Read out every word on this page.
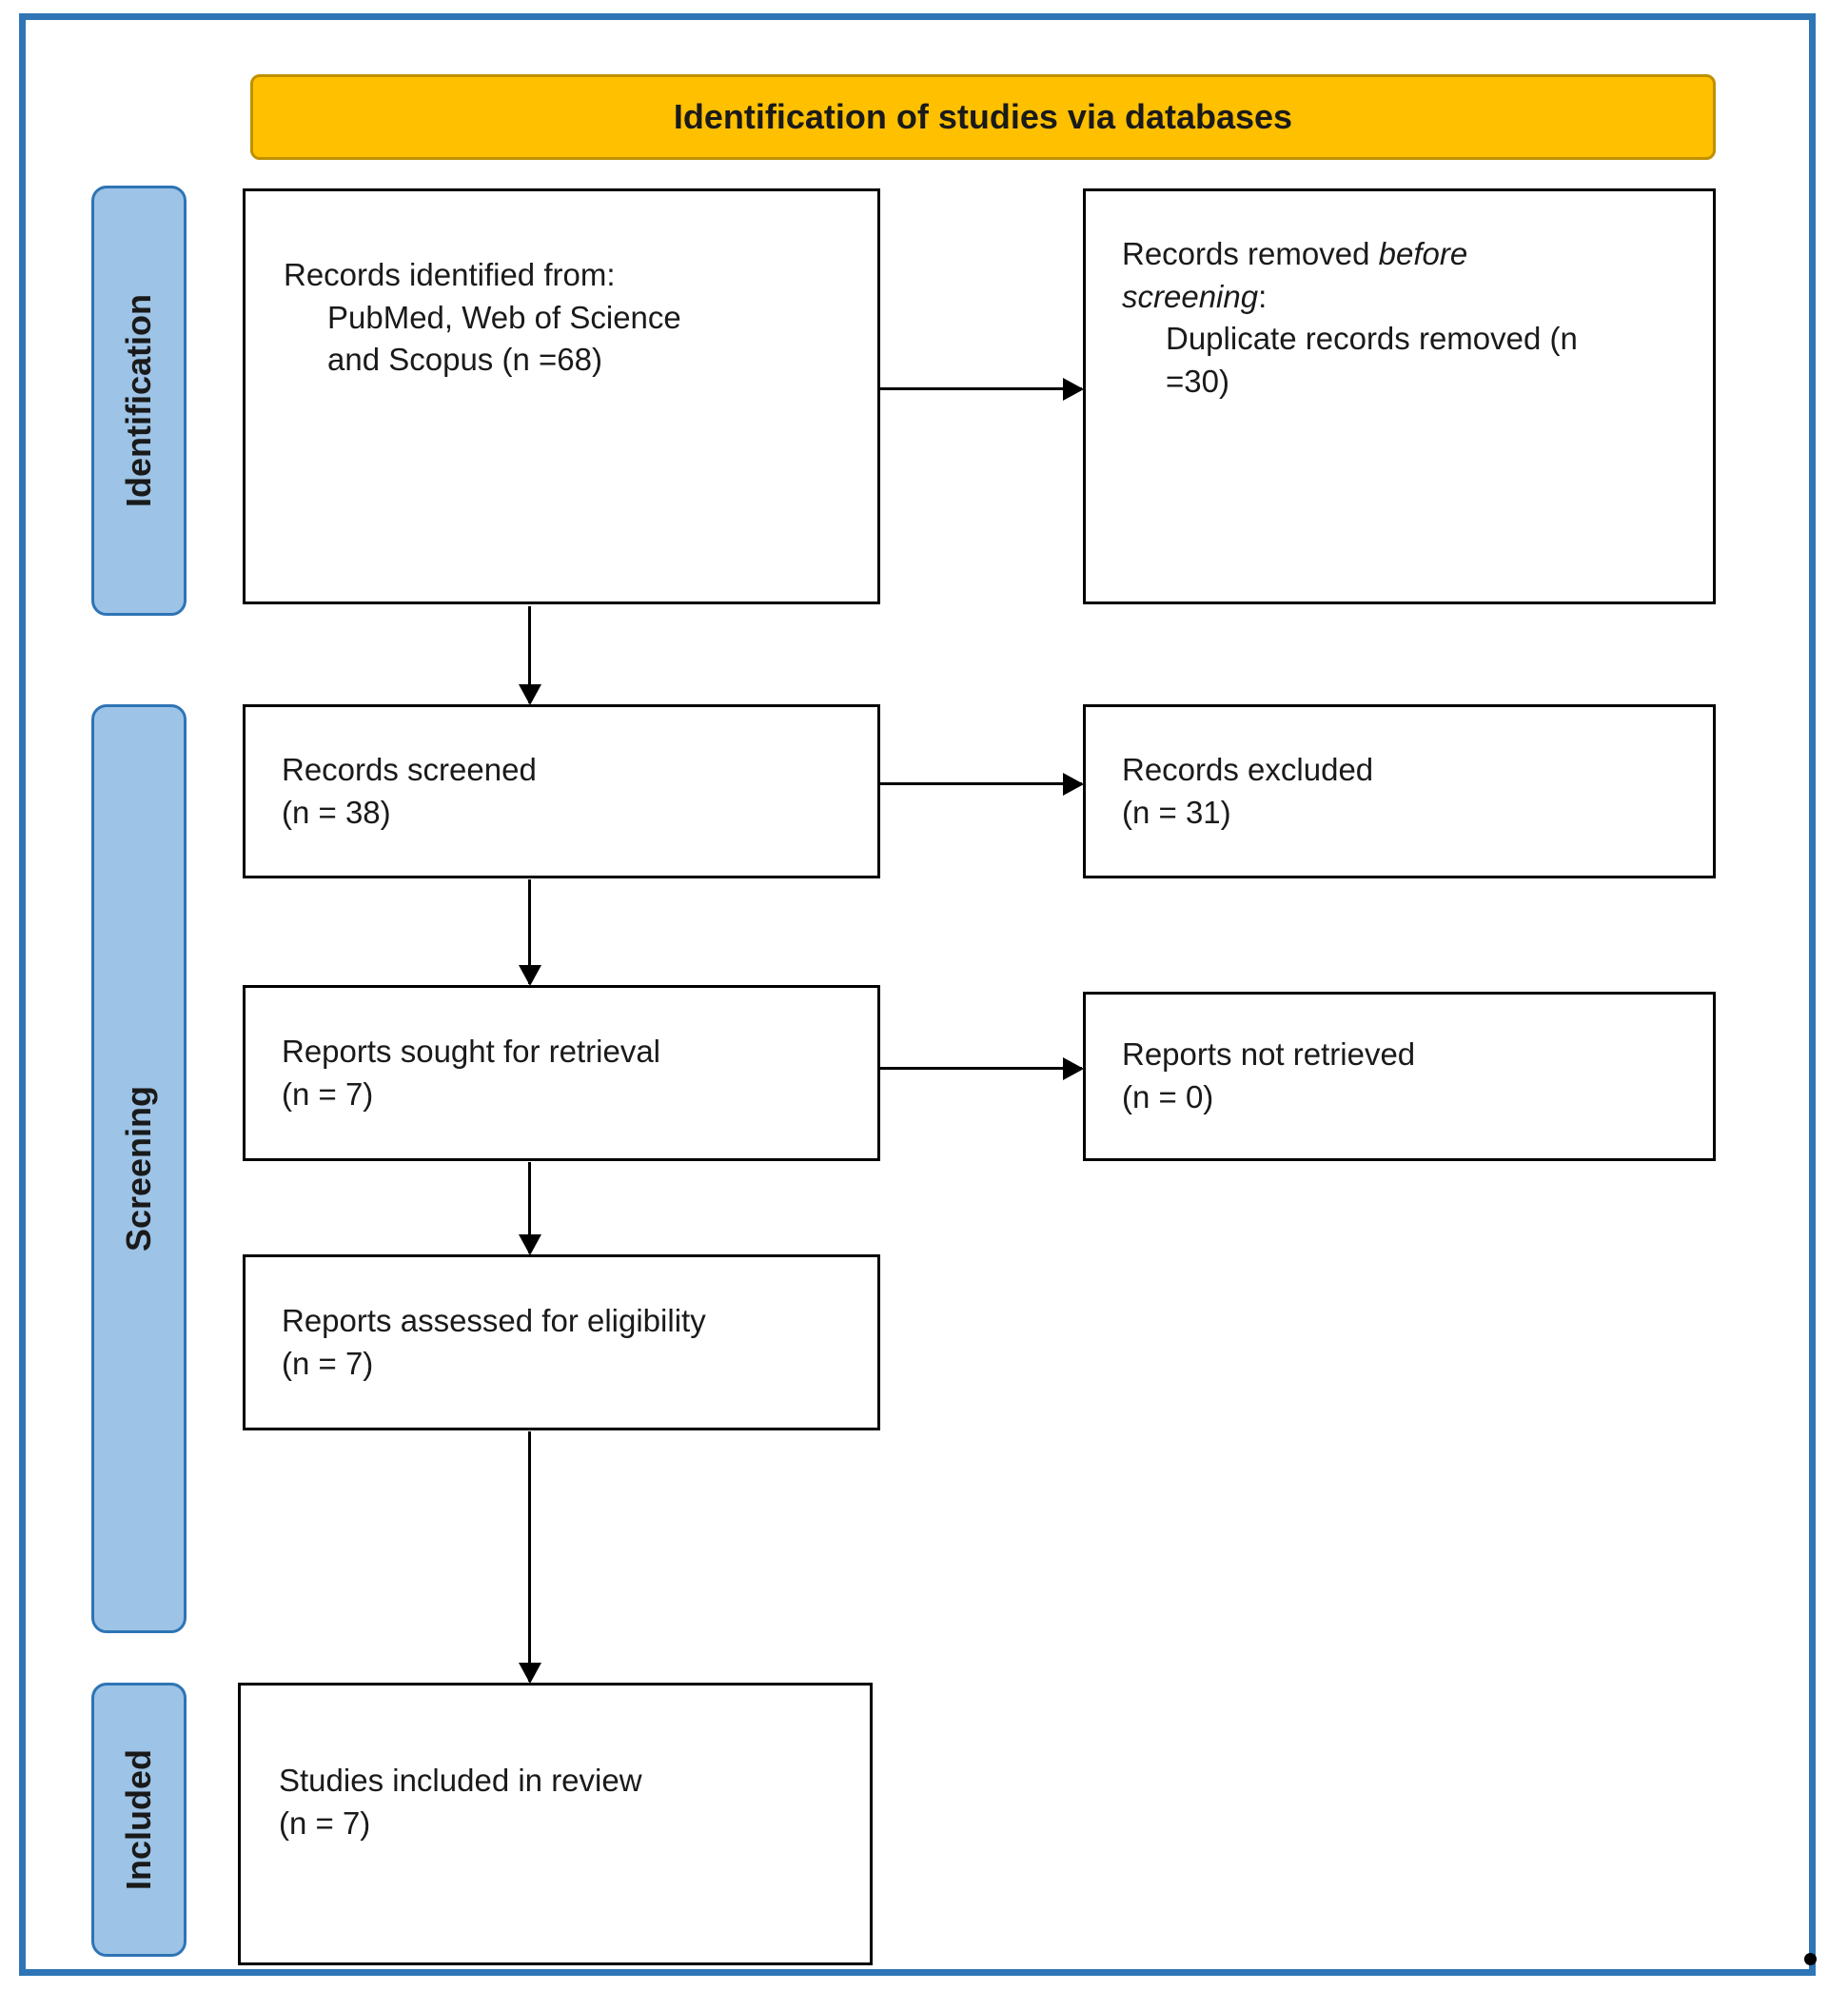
Identification of studies via databases
Identification
Screening
Included
Records identified from:
PubMed, Web of Science
and Scopus (n =68)
Records removed before screening:
Duplicate records removed (n =30)
Records screened
(n = 38)
Records excluded
(n = 31)
Reports sought for retrieval
(n = 7)
Reports not retrieved
(n = 0)
Reports assessed for eligibility
(n = 7)
Studies included in review
(n = 7)
